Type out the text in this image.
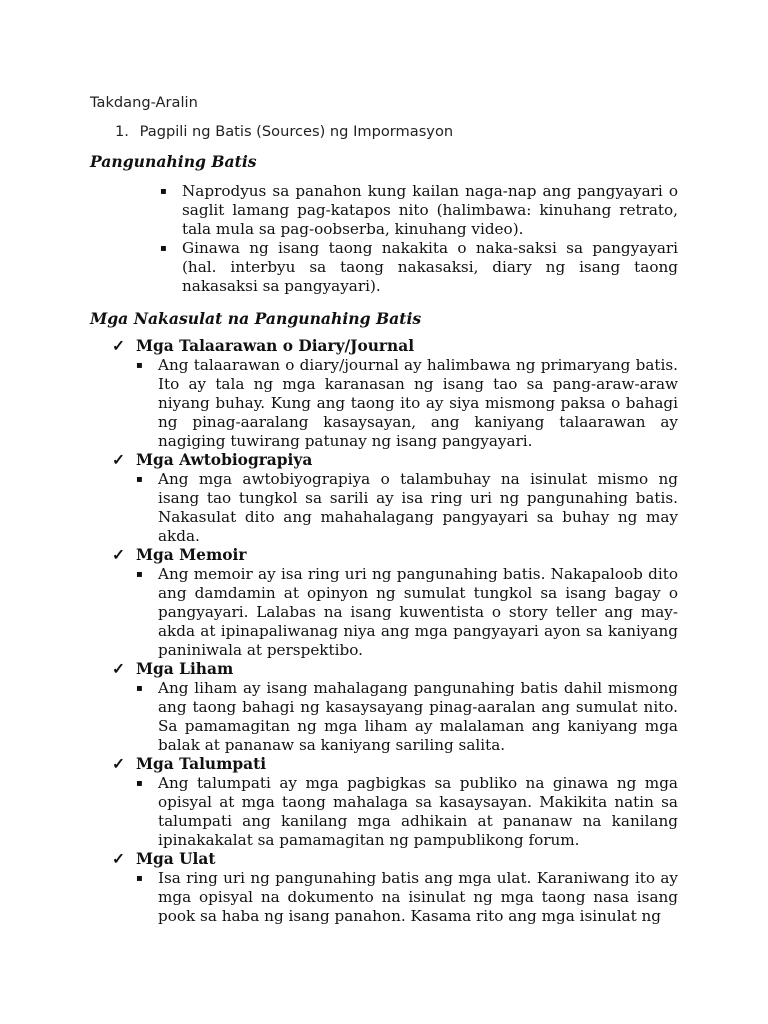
Takdang-Aralin
1. Pagpili ng Batis (Sources) ng Impormasyon
Pangunahing Batis
▪	Naprodyus sa panahon kung kailan naga-nap ang pangyayari o saglit lamang pag-katapos nito (halimbawa: kinuhang retrato, tala mula sa pag-oobserba, kinuhang video).
▪	Ginawa ng isang taong nakakita o naka-saksi sa pangyayari (hal. interbyu sa taong nakasaksi, diary ng isang taong nakasaksi sa pangyayari).
Mga Nakasulat na Pangunahing Batis
✓ Mga Talaarawan o Diary/Journal
▪	Ang talaarawan o diary/journal ay halimbawa ng primaryang batis. Ito ay tala ng mga karanasan ng isang tao sa pang-araw-araw niyang buhay. Kung ang taong ito ay siya mismong paksa o bahagi ng pinag-aaralang kasaysayan, ang kaniyang talaarawan ay nagiging tuwirang patunay ng isang pangyayari.
✓ Mga Awtobiograpiya
▪	Ang mga awtobiyograpiya o talambuhay na isinulat mismo ng isang tao tungkol sa sarili ay isa ring uri ng pangunahing batis. Nakasulat dito ang mahahalagang pangyayari sa buhay ng may akda.
✓ Mga Memoir
▪	Ang memoir ay isa ring uri ng pangunahing batis. Nakapaloob dito ang damdamin at opinyon ng sumulat tungkol sa isang bagay o pangyayari. Lalabas na isang kuwentista o story teller ang may-akda at ipinapaliwanag niya ang mga pangyayari ayon sa kaniyang paniniwala at perspektibo.
✓ Mga Liham
▪	Ang liham ay isang mahalagang pangunahing batis dahil mismong ang taong bahagi ng kasaysayang pinag-aaralan ang sumulat nito. Sa pamamagitan ng mga liham ay malalaman ang kaniyang mga balak at pananaw sa kaniyang sariling salita.
✓ Mga Talumpati
▪	Ang talumpati ay mga pagbigkas sa publiko na ginawa ng mga opisyal at mga taong mahalaga sa kasaysayan. Makikita natin sa talumpati ang kanilang mga adhikain at pananaw na kanilang ipinakakalat sa pamamagitan ng pampublikong forum.
✓ Mga Ulat
▪	Isa ring uri ng pangunahing batis ang mga ulat. Karaniwang ito ay mga opisyal na dokumento na isinulat ng mga taong nasa isang pook sa haba ng isang panahon. Kasama rito ang mga isinulat ng
